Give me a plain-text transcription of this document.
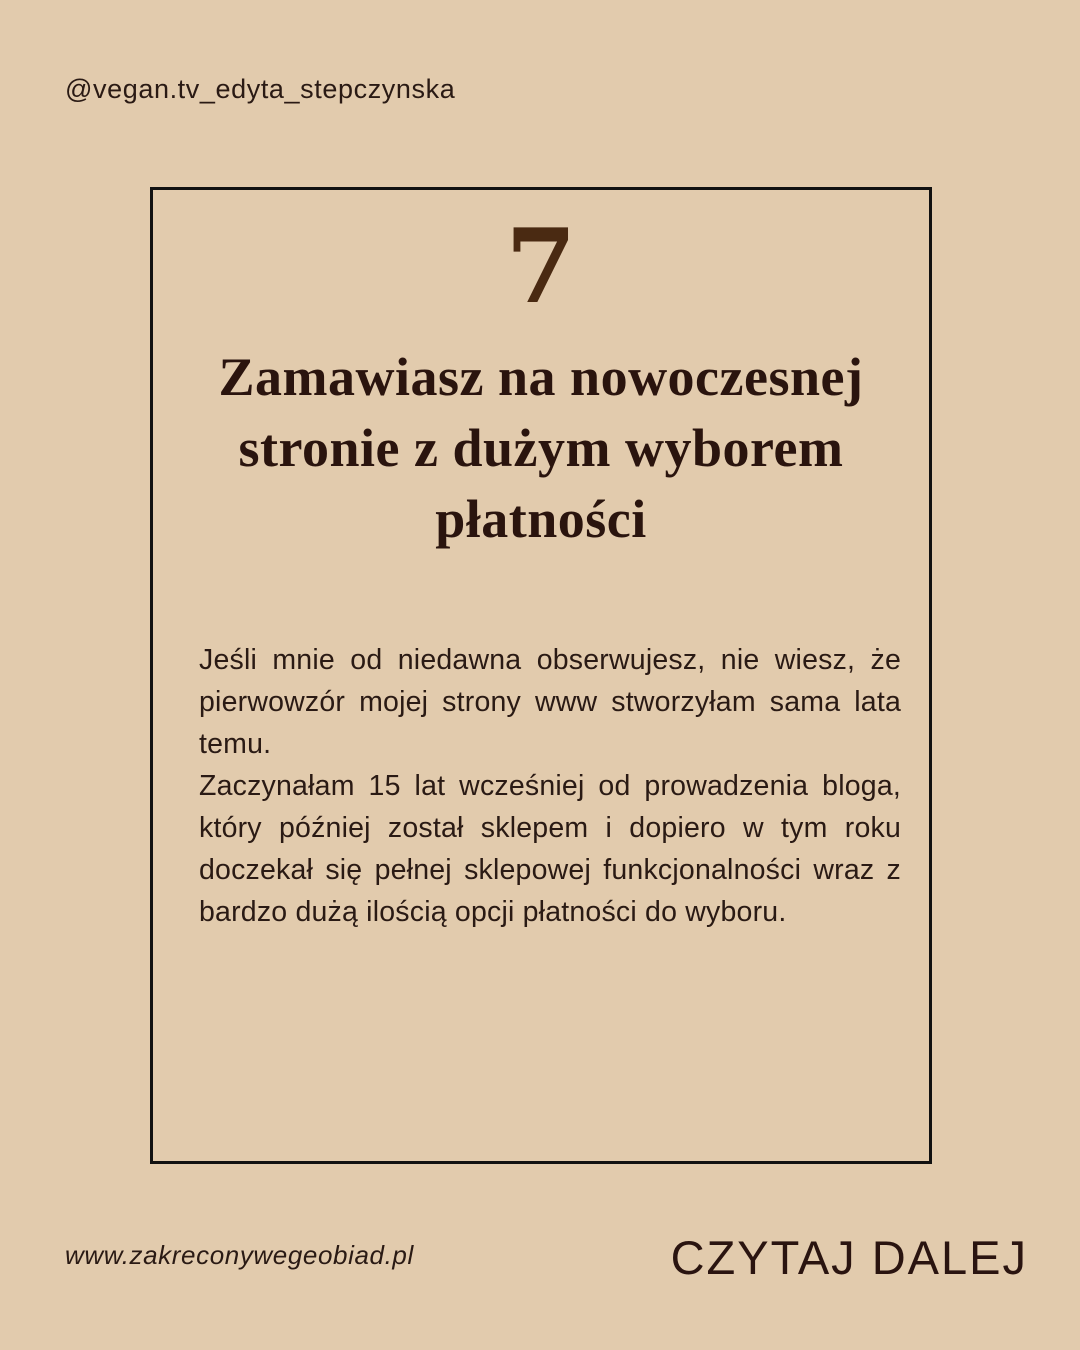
@vegan.tv_edyta_stepczynska
7
Zamawiasz na nowoczesnej
stronie z dużym wyborem
płatności

Jeśli mnie od niedawna obserwujesz, nie wiesz, że pierwowzór mojej strony www stworzyłam sama lata temu.

Zaczynałam 15 lat wcześniej od prowadzenia bloga, który później został sklepem i dopiero w tym roku doczekał się pełnej sklepowej funkcjonalności wraz z bardzo dużą ilością opcji płatności do wyboru.

www.zakreconywegeobiad.pl	CZYTAJ DALEJ
